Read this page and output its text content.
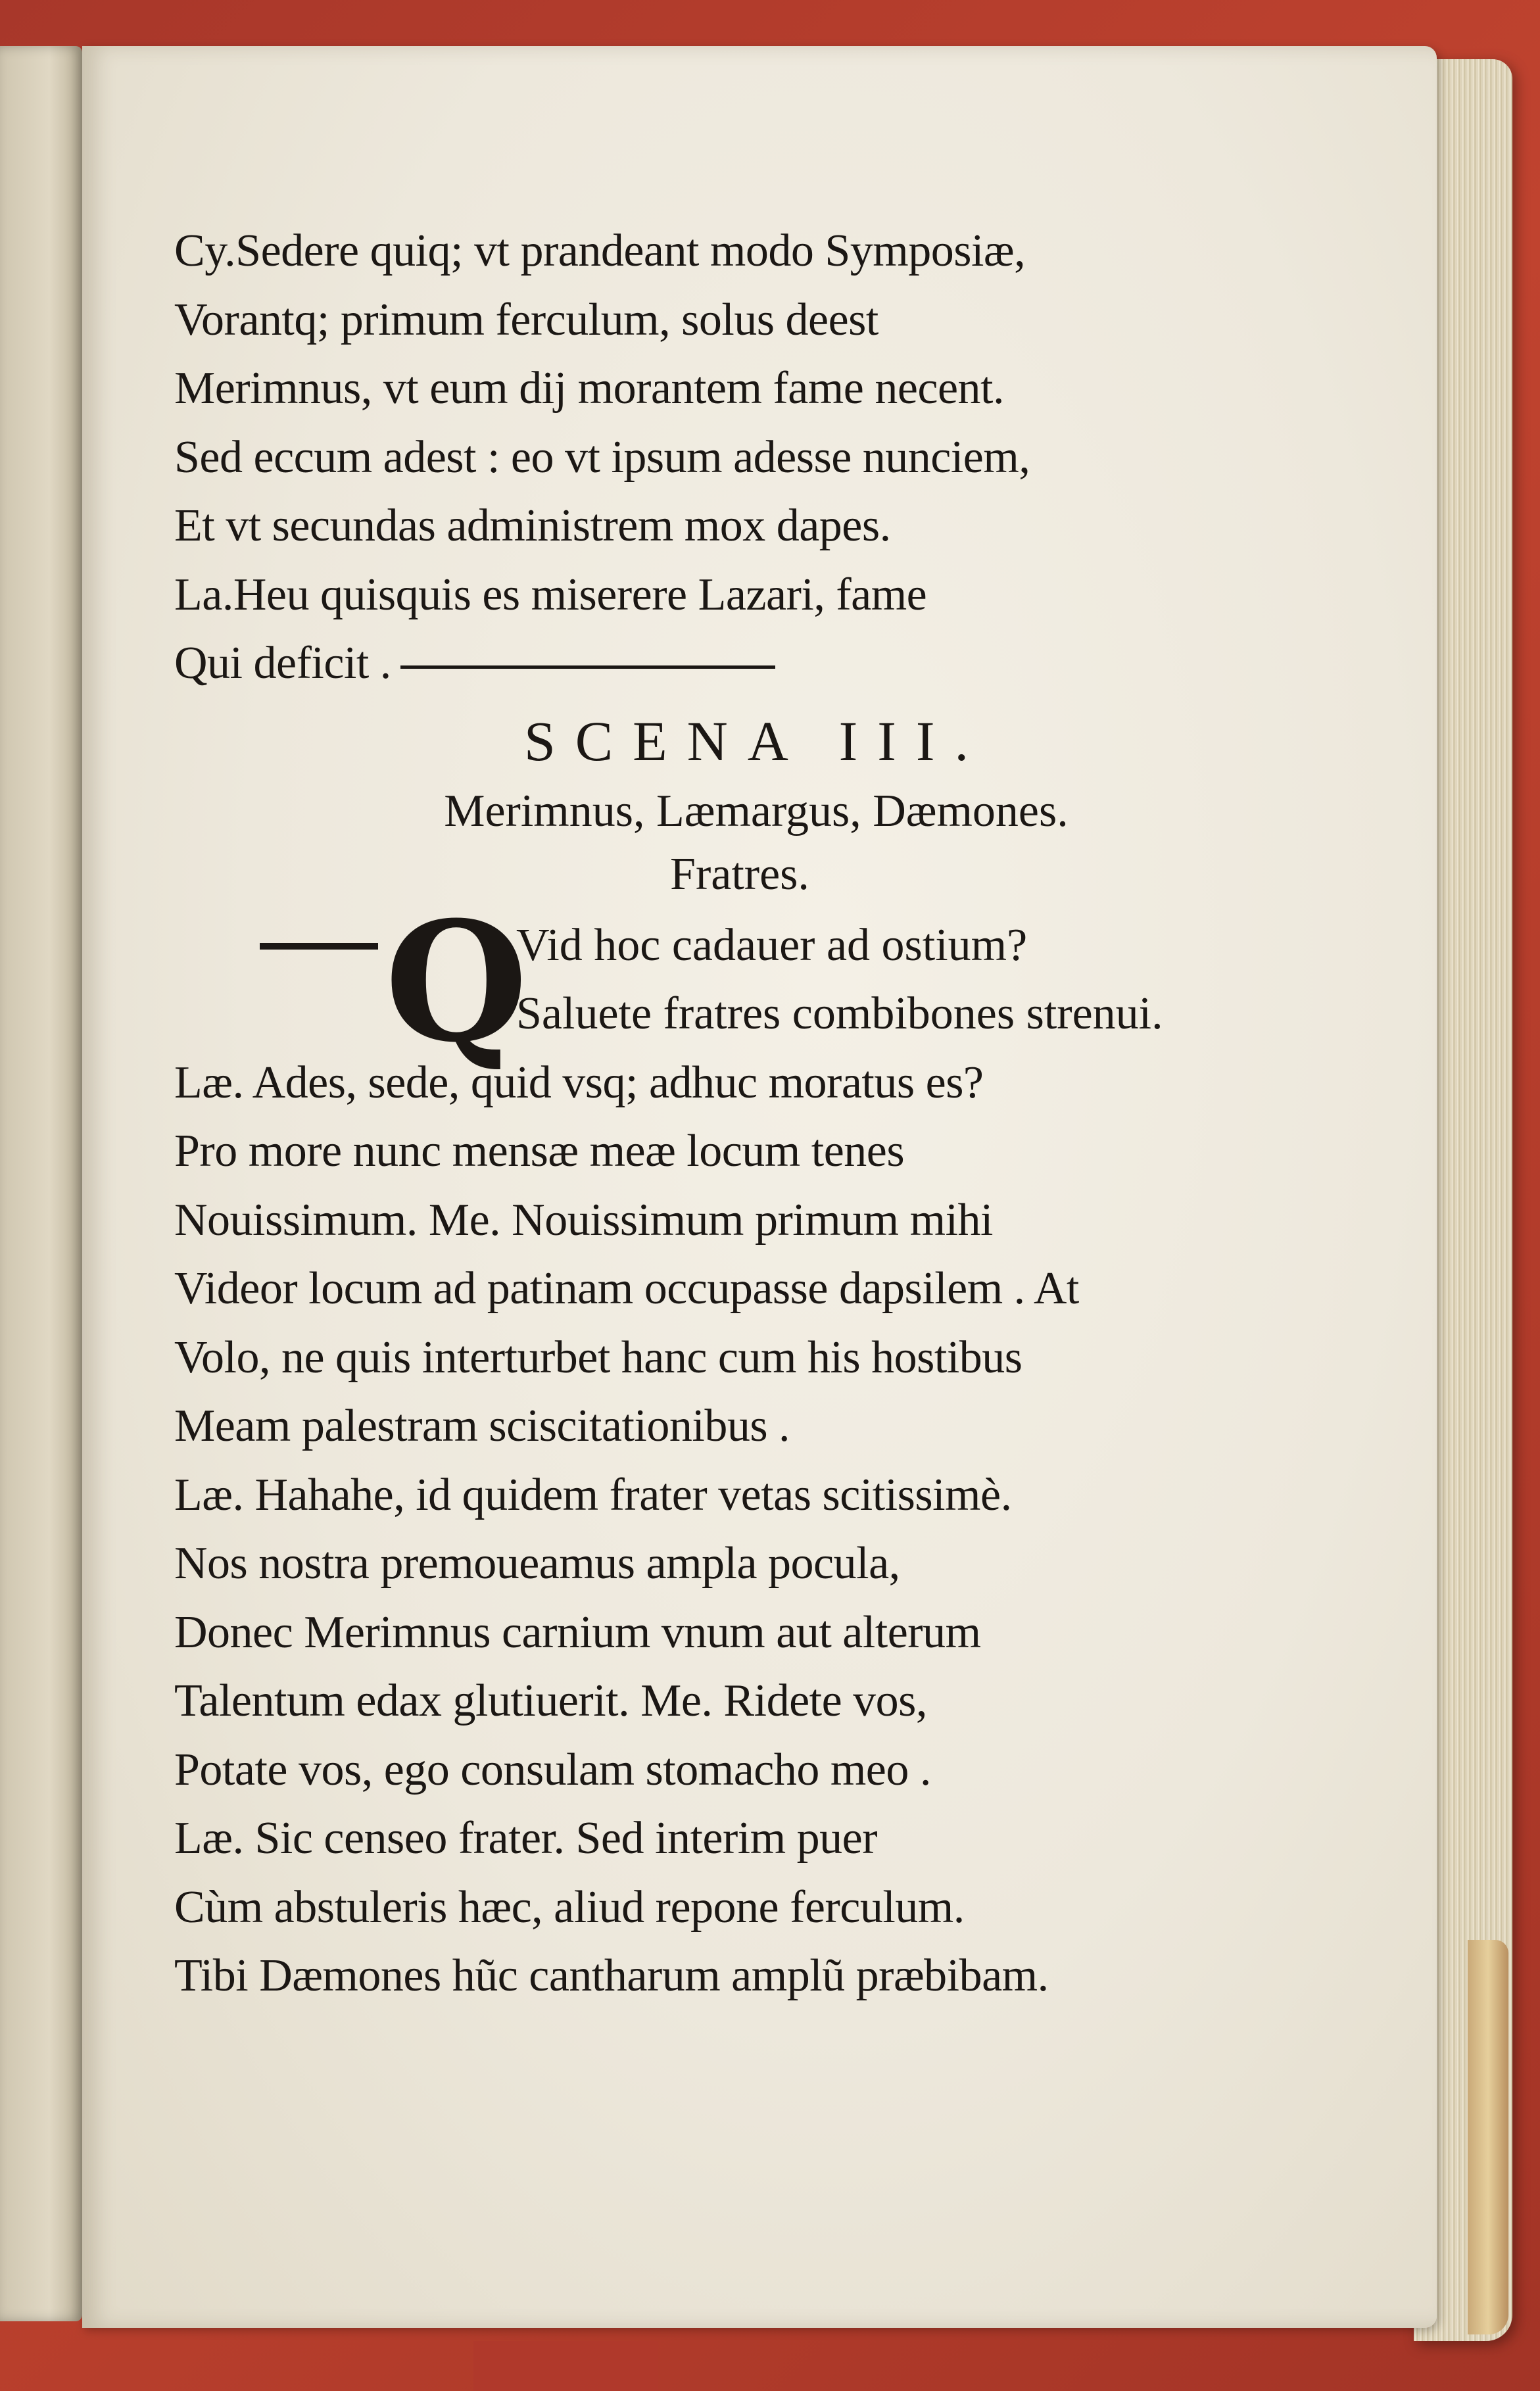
Cy.Sedere quiq; vt prandeant modo Symposiæ,
Vorantq; primum ferculum, solus deest
Merimnus, vt eum dij morantem fame necent.
Sed eccum adest : eo vt ipsum adesse nunciem,
Et vt secundas administrem mox dapes.
La.Heu quisquis es miserere Lazari, fame
Qui deficit .
SCENA III.
Merimnus, Læmargus, Dæmones.
Fratres.
Q
Vid hoc cadauer ad ostium?
Saluete fratres combibones strenui.
Læ. Ades, sede, quid vsq; adhuc moratus es?
Pro more nunc mensæ meæ locum tenes
Nouissimum. Me. Nouissimum primum mihi
Videor locum ad patinam occupasse dapsilem . At
Volo, ne quis interturbet hanc cum his hostibus
Meam palestram sciscitationibus .
Læ. Hahahe, id quidem frater vetas scitissimè.
Nos nostra premoueamus ampla pocula,
Donec Merimnus carnium vnum aut alterum
Talentum edax glutiuerit. Me. Ridete vos,
Potate vos, ego consulam stomacho meo .
Læ. Sic censeo frater. Sed interim puer
Cùm abstuleris hæc, aliud repone ferculum.
Tibi Dæmones hũc cantharum amplũ præbibam.
